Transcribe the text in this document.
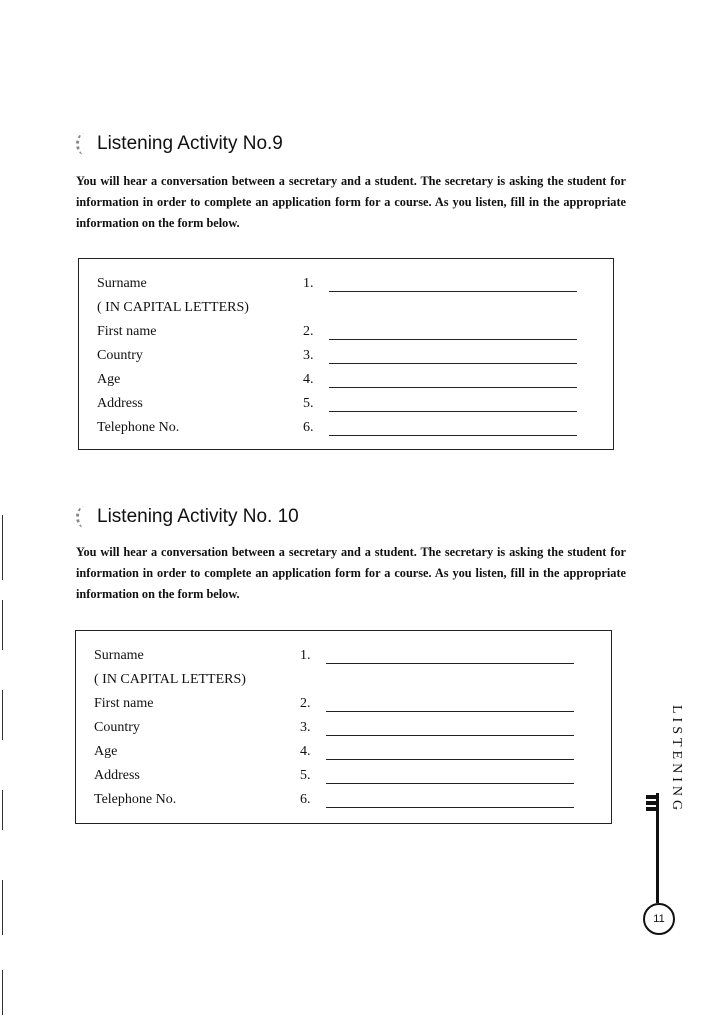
Listening Activity No.9
You will hear a conversation between a secretary and a student. The secretary is asking the student for information in order to complete an application form for a course. As you listen, fill in the appropriate information on the form below.
Surname	1.
( IN CAPITAL LETTERS)
First name	2.
Country	3.
Age	4.
Address	5.
Telephone No.	6.
Listening Activity No. 10
You will hear a conversation between a secretary and a student. The secretary is asking the student for information in order to complete an application form for a course. As you listen, fill in the appropriate information on the form below.
Surname	1.
( IN CAPITAL LETTERS)
First name	2.
Country	3.
Age	4.
Address	5.
Telephone No.	6.	LISTENING
11
